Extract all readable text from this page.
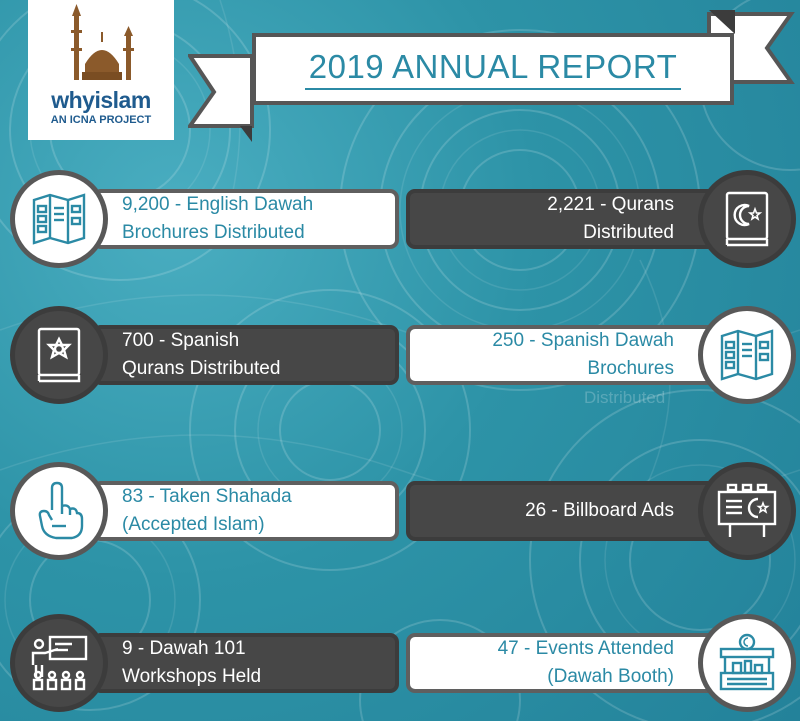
whyislam
AN ICNA PROJECT
2019 ANNUAL REPORT
9,200 - English Dawah
Brochures Distributed
2,221 - Qurans
Distributed
700 - Spanish
Qurans Distributed
250 - Spanish Dawah
Brochures
Distributed
83 - Taken Shahada
(Accepted Islam)
26 - Billboard Ads
9 - Dawah 101
Workshops Held
47 - Events Attended
(Dawah Booth)
